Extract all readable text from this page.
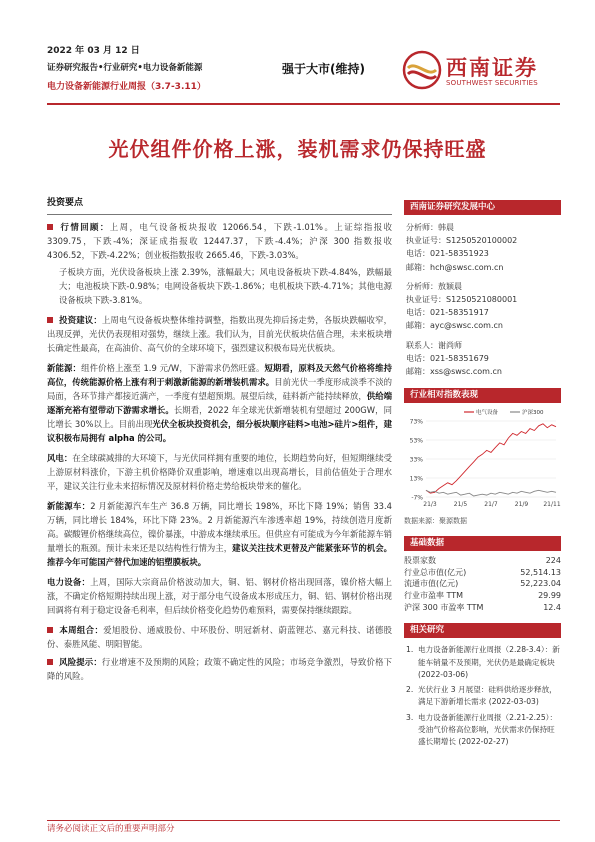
2022 年 03 月 12 日
证券研究报告•行业研究•电力设备新能源
电力设备新能源行业周报（3.7-3.11）
强于大市(维持)	西南证券
SOUTHWEST SECURITIES
光伏组件价格上涨，装机需求仍保持旺盛
投资要点
行情回顾：上周，电气设备板块报收 12066.54，下跌-1.01%。上证综指报收 3309.75，下跌-4%；深证成指报收 12447.37，下跌-4.4%；沪深 300 指数报收 4306.52，下跌-4.22%；创业板指数报收 2665.46，下跌-3.03%。
子板块方面，光伏设备板块上涨 2.39%，涨幅最大；风电设备板块下跌-4.84%，跌幅最大；电池板块下跌-0.98%；电网设备板块下跌-1.86%；电机板块下跌-4.71%；其他电源设备板块下跌-3.81%。
投资建议：上周电气设备板块整体维持调整，指数出现先抑后扬走势，各版块跌幅收窄，出现反弹，光伏仍表现相对强势，继续上涨。我们认为，目前光伏板块估值合理，未来板块增长确定性最高，在高油价、高气价的全球环境下，强烈建议积极布局光伏板块。
新能源：组件价格上涨至 1.9 元/W，下游需求仍然旺盛。短期看，原料及天然气价格将维持高位，传统能源价格上涨有利于刺激新能源的新增装机需求。目前光伏一季度形成淡季不淡的局面，各环节排产都接近满产，一季度有望超预期。展望后续，硅料新产能持续释放，供给端逐渐充裕有望带动下游需求增长。长期看，2022 年全球光伏新增装机有望超过 200GW，同比增长 30%以上。目前出现光伏全板块投资机会，细分板块顺序硅料>电池>硅片>组件，建议积极布局拥有 alpha 的公司。
风电：在全球碳减排的大环境下，与光伏同样拥有重要的地位，长期趋势向好，但短期继续受上游原材料涨价，下游主机价格降价双重影响，增速难以出现高增长，目前估值处于合理水平，建议关注行业未来招标情况及原材料价格走势给板块带来的催化。
新能源车：2 月新能源汽车生产 36.8 万辆，同比增长 198%，环比下降 19%；销售 33.4 万辆，同比增长 184%，环比下降 23%。2 月新能源汽车渗透率超 19%，持续创造月度新高。碳酸锂价格继续高位，镍价暴涨，中游成本继续承压。但供应有可能成为今年新能源车销量增长的瓶颈。预计未来还是以结构性行情为主，建议关注技术更替及产能紧张环节的机会。推荐今年可能国产替代加速的铝塑膜板块。
电力设备：上周，国际大宗商品价格波动加大，铜、铝、钢材价格出现回落，镍价格大幅上涨，不确定价格短期持续出现上涨，对于部分电气设备成本形成压力，铜、铝、钢材价格出现回调将有利于稳定设备毛利率，但后续价格变化趋势仍难预料，需要保持继续跟踪。
本周组合：爱旭股份、通威股份、中环股份、明冠新材、蔚蓝锂芯、嘉元科技、诺德股份、泰胜风能、明阳智能。
风险提示：行业增速不及预期的风险；政策不确定性的风险；市场竞争激烈，导致价格下降的风险。
西南证券研究发展中心
分析师：韩晨
执业证号：S1250520100002
电话：021-58351923
邮箱：hch@swsc.com.cn
分析师：敖颖晨
执业证号：S1250521080001
电话：021-58351917
邮箱：ayc@swsc.com.cn
联系人：谢尚师
电话：021-58351679
邮箱：xss@swsc.com.cn
行业相对指数表现
73%
53%
33%
13%
-7%
21/3	21/5	21/7	21/9	21/11
电气设备	沪深300
数据来源：聚源数据
基础数据
股票家数	224
行业总市值(亿元)	52,514.13
流通市值(亿元)	52,223.04
行业市盈率 TTM	29.99
沪深 300 市盈率 TTM	12.4
相关研究
1. 电力设备新能源行业周报（2.28-3.4）：新能车销量不及预期，光伏仍是最确定板块 (2022-03-06)
2. 光伏行业 3 月展望：硅料供给逐步释放，满足下游新增长需求 (2022-03-03)
3. 电力设备新能源行业周报（2.21-2.25）：受油气价格高位影响，光伏需求仍保持旺盛长期增长 (2022-02-27)
请务必阅读正文后的重要声明部分
